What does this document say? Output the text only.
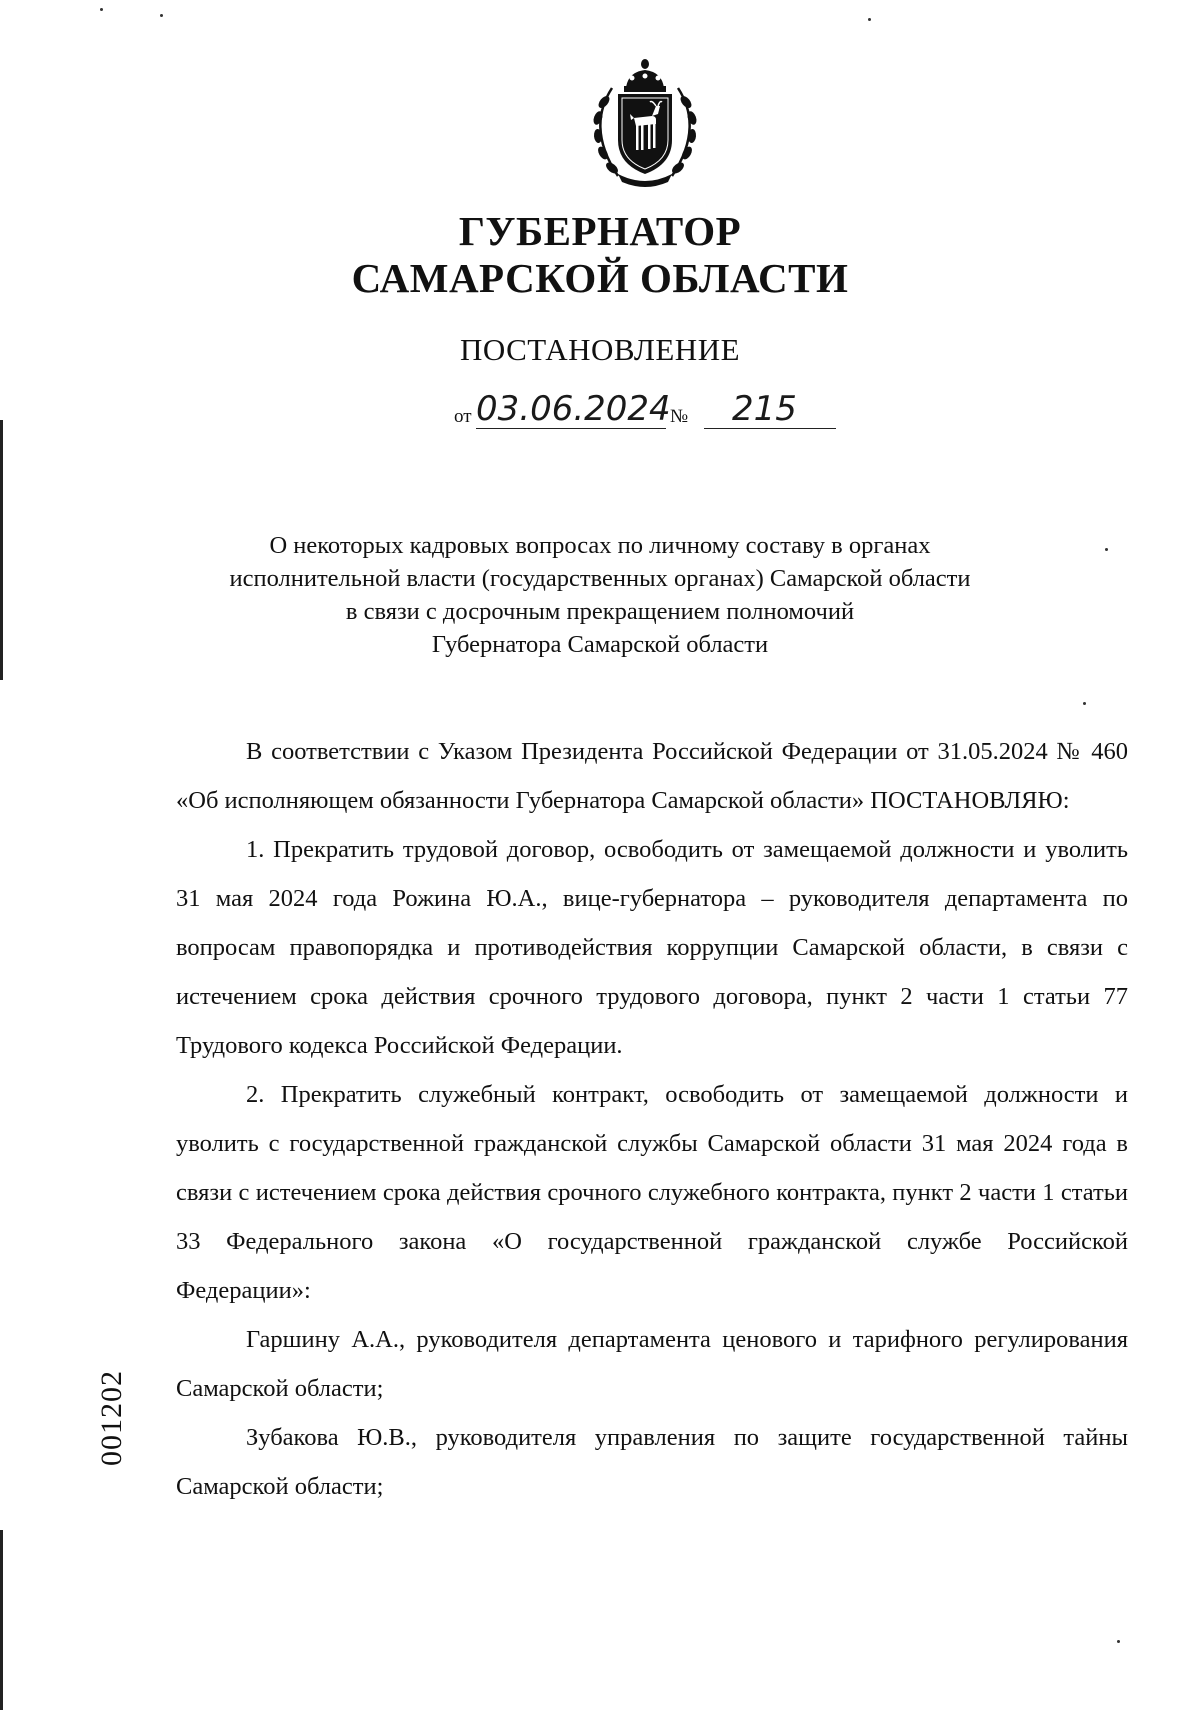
ГУБЕРНАТОР
САМАРСКОЙ ОБЛАСТИ
ПОСТАНОВЛЕНИЕ
от 03.06.2024 №	215
О некоторых кадровых вопросах по личному составу в органах
исполнительной власти (государственных органах) Самарской области
в связи с досрочным прекращением полномочий
Губернатора Самарской области

В соответствии с Указом Президента Российской Федерации от 31.05.2024 № 460 «Об исполняющем обязанности Губернатора Самарской области» ПОСТАНОВЛЯЮ:

1. Прекратить трудовой договор, освободить от замещаемой должности и уволить 31 мая 2024 года Рожина Ю.А., вице-губернатора – руководителя департамента по вопросам правопорядка и противодействия коррупции Самарской области, в связи с истечением срока действия срочного трудового договора, пункт 2 части 1 статьи 77 Трудового кодекса Российской Федерации.

2. Прекратить служебный контракт, освободить от замещаемой должности и уволить с государственной гражданской службы Самарской области 31 мая 2024 года в связи с истечением срока действия срочного служебного контракта, пункт 2 части 1 статьи 33 Федерального закона «О государственной гражданской службе Российской Федерации»:

Гаршину А.А., руководителя департамента ценового и тарифного регулирования Самарской области;

Зубакова Ю.В., руководителя управления по защите государственной тайны Самарской области;

001202
